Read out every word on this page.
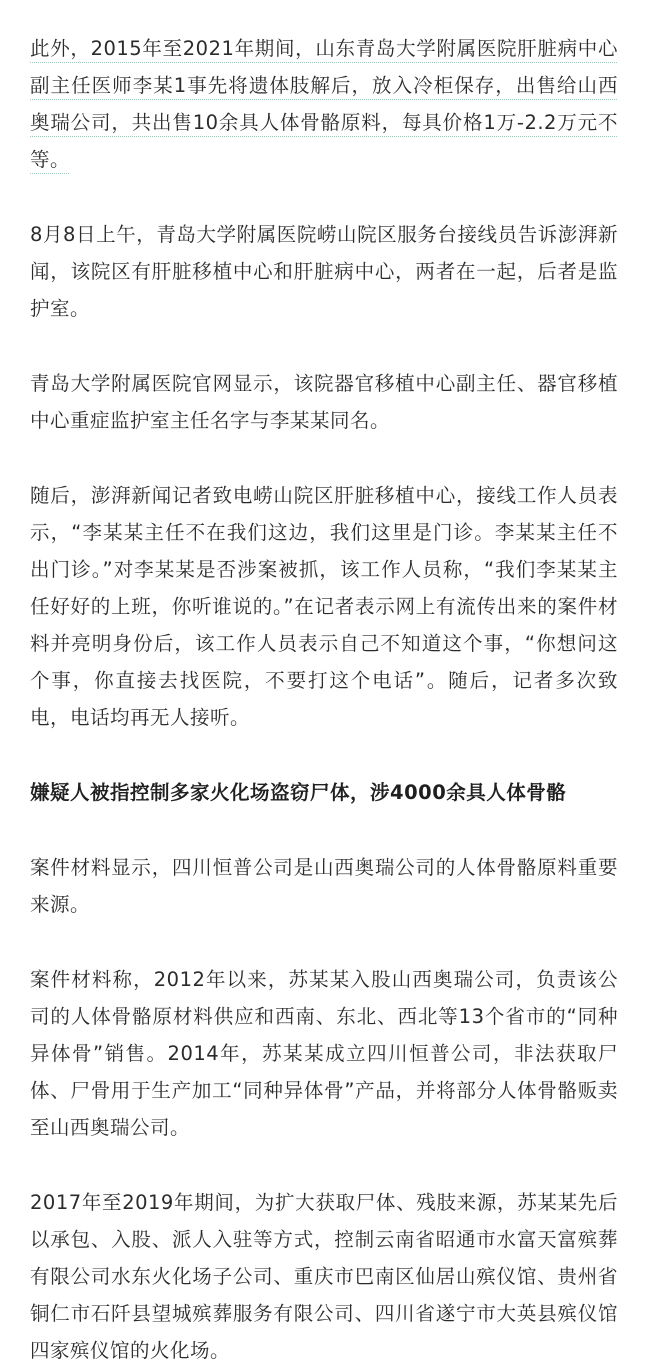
此外，2015年至2021年期间，山东青岛大学附属医院肝脏病中心副主任医师李某1事先将遗体肢解后，放入冷柜保存，出售给山西奥瑞公司，共出售10余具人体骨骼原料，每具价格1万-2.2万元不等。

8月8日上午，青岛大学附属医院崂山院区服务台接线员告诉澎湃新闻，该院区有肝脏移植中心和肝脏病中心，两者在一起，后者是监护室。

青岛大学附属医院官网显示，该院器官移植中心副主任、器官移植中心重症监护室主任名字与李某某同名。

随后，澎湃新闻记者致电崂山院区肝脏移植中心，接线工作人员表示，“李某某主任不在我们这边，我们这里是门诊。李某某主任不出门诊。”对李某某是否涉案被抓，该工作人员称，“我们李某某主任好好的上班，你听谁说的。”在记者表示网上有流传出来的案件材料并亮明身份后，该工作人员表示自己不知道这个事，“你想问这个事，你直接去找医院，不要打这个电话”。随后，记者多次致电，电话均再无人接听。

嫌疑人被指控制多家火化场盗窃尸体，涉4000余具人体骨骼

案件材料显示，四川恒普公司是山西奥瑞公司的人体骨骼原料重要来源。

案件材料称，2012年以来，苏某某入股山西奥瑞公司，负责该公司的人体骨骼原材料供应和西南、东北、西北等13个省市的“同种异体骨”销售。2014年，苏某某成立四川恒普公司，非法获取尸体、尸骨用于生产加工“同种异体骨”产品，并将部分人体骨骼贩卖至山西奥瑞公司。

2017年至2019年期间，为扩大获取尸体、残肢来源，苏某某先后以承包、入股、派人入驻等方式，控制云南省昭通市水富天富殡葬有限公司水东火化场子公司、重庆市巴南区仙居山殡仪馆、贵州省铜仁市石阡县望城殡葬服务有限公司、四川省遂宁市大英县殡仪馆四家殡仪馆的火化场。
